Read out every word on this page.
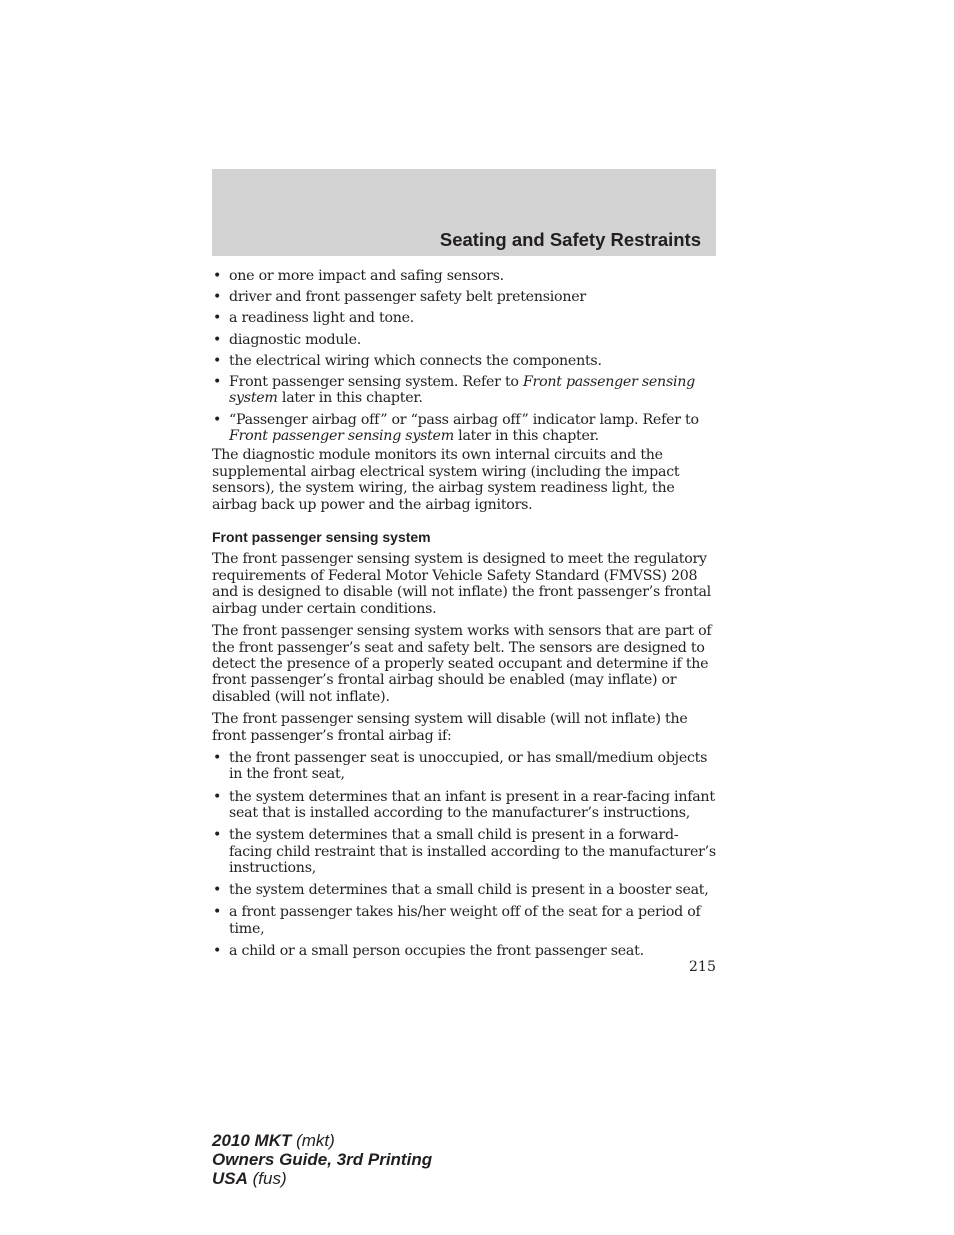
Seating and Safety Restraints
• one or more impact and safing sensors.
• driver and front passenger safety belt pretensioner
• a readiness light and tone.
• diagnostic module.
• the electrical wiring which connects the components.
• Front passenger sensing system. Refer to Front passenger sensing system later in this chapter.
• “Passenger airbag off” or “pass airbag off” indicator lamp. Refer to Front passenger sensing system later in this chapter.

The diagnostic module monitors its own internal circuits and the supplemental airbag electrical system wiring (including the impact sensors), the system wiring, the airbag system readiness light, the airbag back up power and the airbag ignitors.

Front passenger sensing system

The front passenger sensing system is designed to meet the regulatory requirements of Federal Motor Vehicle Safety Standard (FMVSS) 208 and is designed to disable (will not inflate) the front passenger’s frontal airbag under certain conditions.

The front passenger sensing system works with sensors that are part of the front passenger’s seat and safety belt. The sensors are designed to detect the presence of a properly seated occupant and determine if the front passenger’s frontal airbag should be enabled (may inflate) or disabled (will not inflate).

The front passenger sensing system will disable (will not inflate) the front passenger’s frontal airbag if:

• the front passenger seat is unoccupied, or has small/medium objects in the front seat,
• the system determines that an infant is present in a rear-facing infant seat that is installed according to the manufacturer’s instructions,
• the system determines that a small child is present in a forward-facing child restraint that is installed according to the manufacturer’s instructions,
• the system determines that a small child is present in a booster seat,
• a front passenger takes his/her weight off of the seat for a period of time,
• a child or a small person occupies the front passenger seat.
215
2010 MKT (mkt)
Owners Guide, 3rd Printing
USA (fus)
